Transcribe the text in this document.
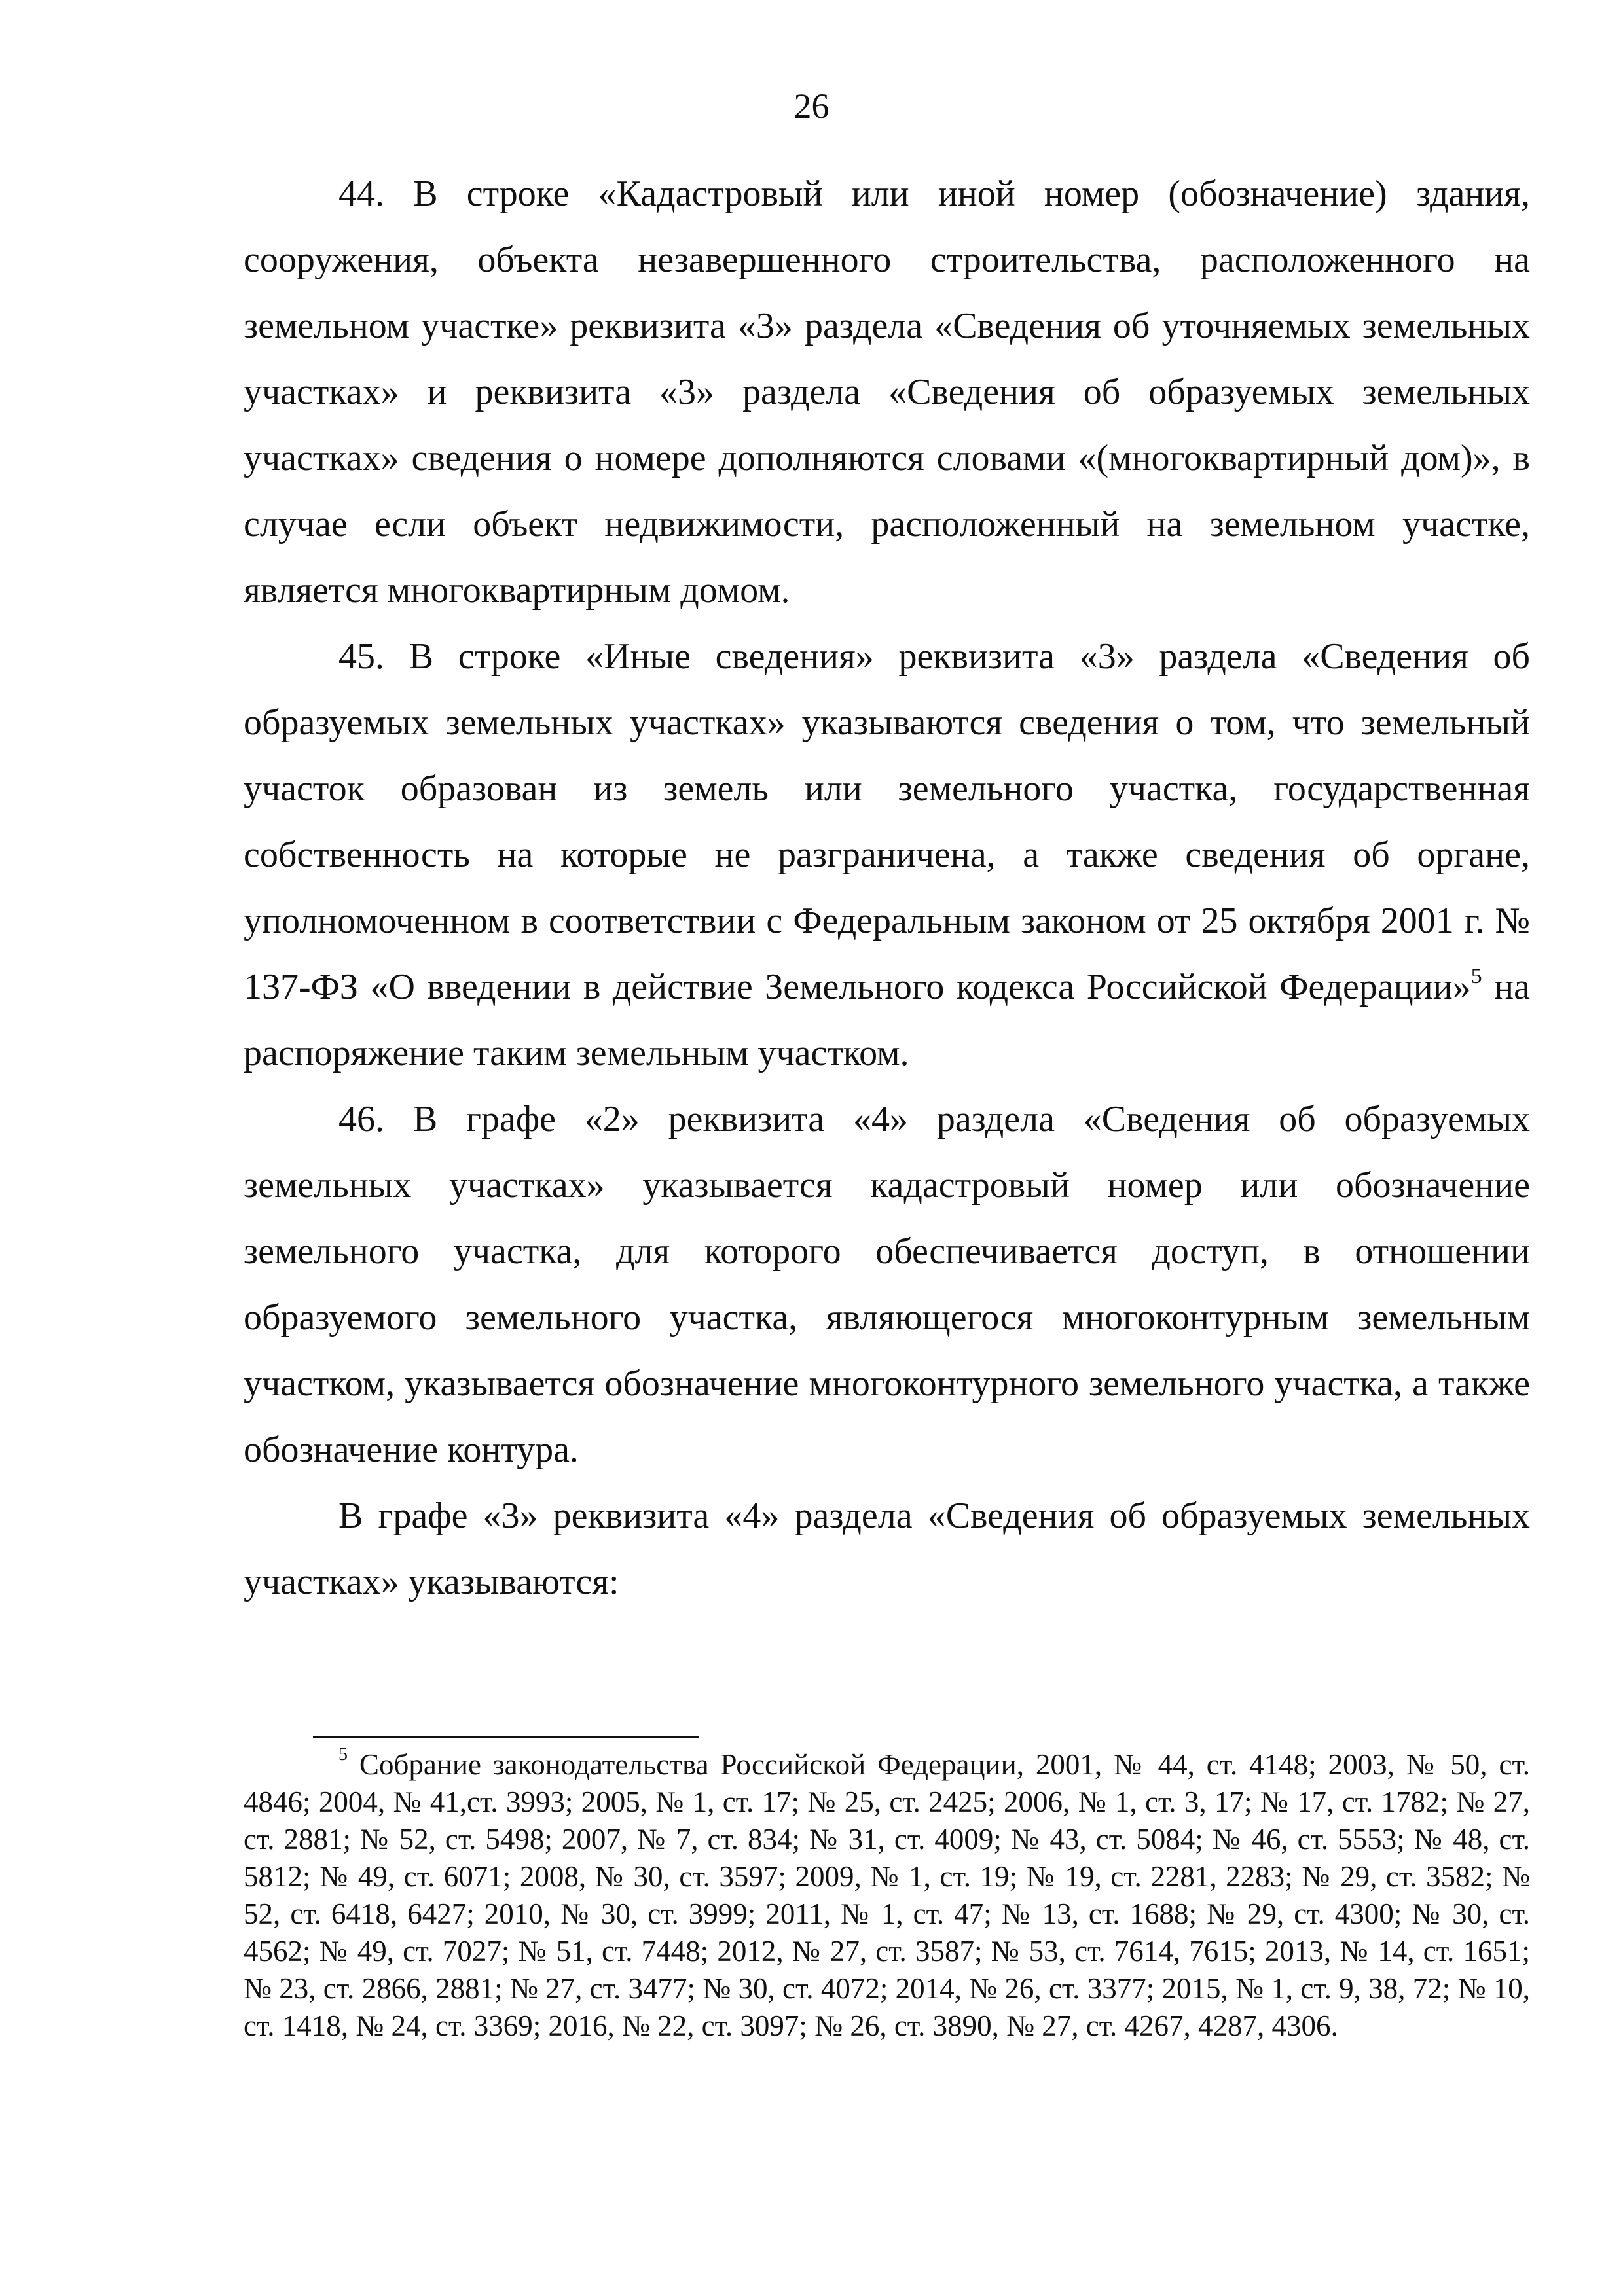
26

44. В строке «Кадастровый или иной номер (обозначение) здания, сооружения, объекта незавершенного строительства, расположенного на земельном участке» реквизита «3» раздела «Сведения об уточняемых земельных участках» и реквизита «3» раздела «Сведения об образуемых земельных участках» сведения о номере дополняются словами «(многоквартирный дом)», в случае если объект недвижимости, расположенный на земельном участке, является многоквартирным домом.

45. В строке «Иные сведения» реквизита «3» раздела «Сведения об образуемых земельных участках» указываются сведения о том, что земельный участок образован из земель или земельного участка, государственная собственность на которые не разграничена, а также сведения об органе, уполномоченном в соответствии с Федеральным законом от 25 октября 2001 г. № 137-ФЗ «О введении в действие Земельного кодекса Российской Федерации»$^5$ на распоряжение таким земельным участком.

46. В графе «2» реквизита «4» раздела «Сведения об образуемых земельных участках» указывается кадастровый номер или обозначение земельного участка, для которого обеспечивается доступ, в отношении образуемого земельного участка, являющегося многоконтурным земельным участком, указывается обозначение многоконтурного земельного участка, а также обозначение контура.

В графе «3» реквизита «4» раздела «Сведения об образуемых земельных участках» указываются:

$^5$ Собрание законодательства Российской Федерации, 2001, № 44, ст. 4148; 2003, № 50, ст. 4846; 2004, № 41,ст. 3993; 2005, № 1, ст. 17; № 25, ст. 2425; 2006, № 1, ст. 3, 17; № 17, ст. 1782; № 27, ст. 2881; № 52, ст. 5498; 2007, № 7, ст. 834; № 31, ст. 4009; № 43, ст. 5084; № 46, ст. 5553; № 48, ст. 5812; № 49, ст. 6071; 2008, № 30, ст. 3597; 2009, № 1, ст. 19; № 19, ст. 2281, 2283; № 29, ст. 3582; № 52, ст. 6418, 6427; 2010, № 30, ст. 3999; 2011, № 1, ст. 47; № 13, ст. 1688; № 29, ст. 4300; № 30, ст. 4562; № 49, ст. 7027; № 51, ст. 7448; 2012, № 27, ст. 3587; № 53, ст. 7614, 7615; 2013, № 14, ст. 1651; № 23, ст. 2866, 2881; № 27, ст. 3477; № 30, ст. 4072; 2014, № 26, ст. 3377; 2015, № 1, ст. 9, 38, 72; № 10, ст. 1418, № 24, ст. 3369; 2016, № 22, ст. 3097; № 26, ст. 3890, № 27, ст. 4267, 4287, 4306.
